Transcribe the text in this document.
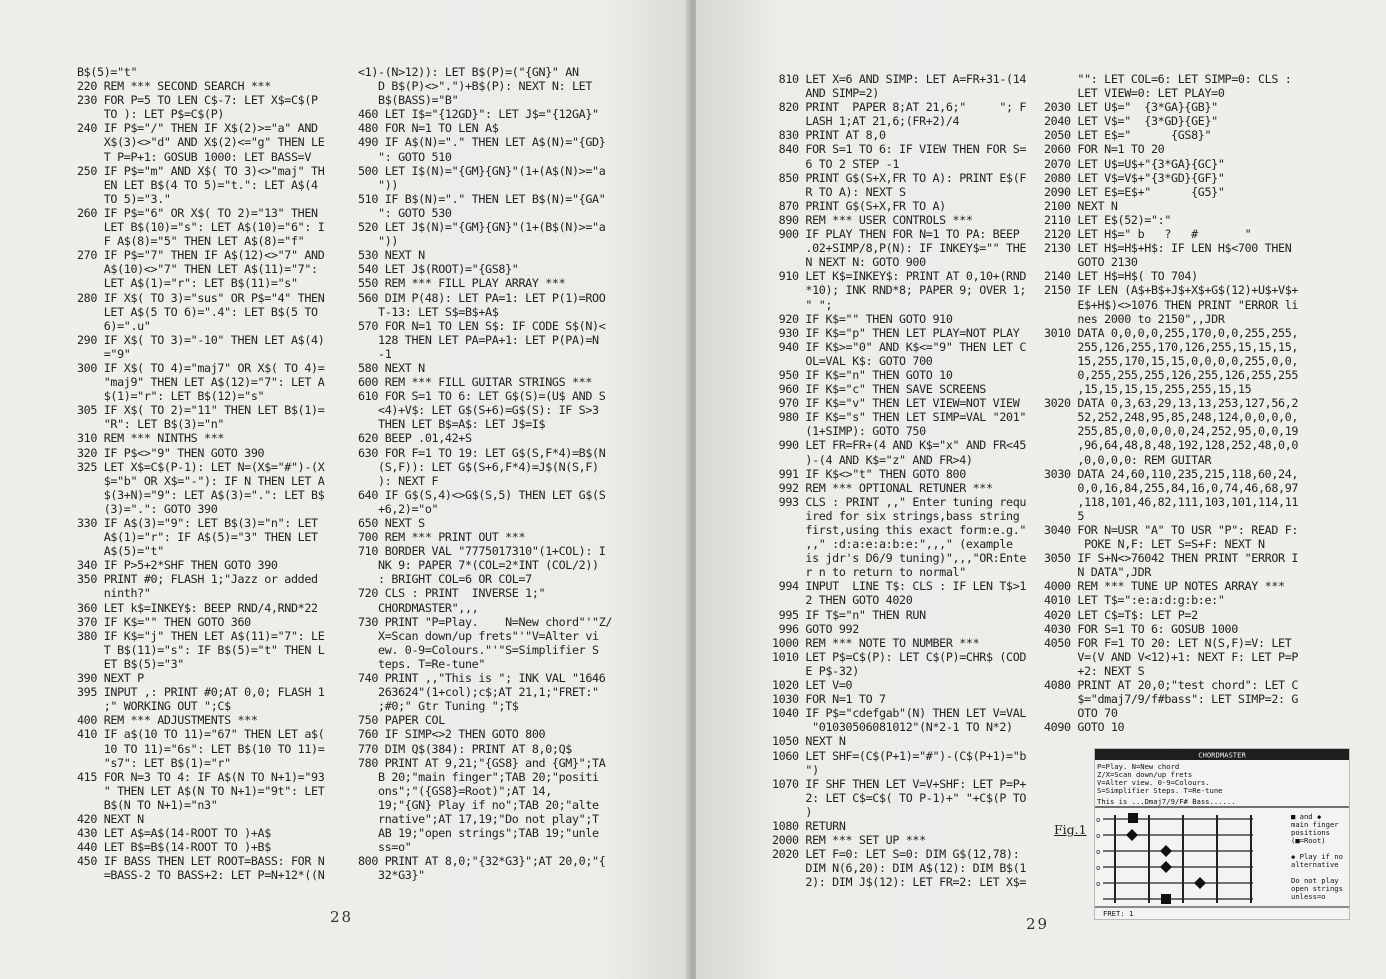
B$(5)="t"
220 REM *** SECOND SEARCH ***
230 FOR P=5 TO LEN C$-7: LET X$=C$(P
TO ): LET P$=C$(P)
240 IF P$="/" THEN IF X$(2)>="a" AND
X$(3)<>"d" AND X$(2)<="g" THEN LE
T P=P+1: GOSUB 1000: LET BASS=V
250 IF P$="m" AND X$( TO 3)<>"maj" TH
EN LET B$(4 TO 5)="t.": LET A$(4
TO 5)="3."
260 IF P$="6" OR X$( TO 2)="13" THEN
LET B$(10)="s": LET A$(10)="6": I
F A$(8)="5" THEN LET A$(8)="f"
270 IF P$="7" THEN IF A$(12)<>"7" AND
A$(10)<>"7" THEN LET A$(11)="7":
LET A$(1)="r": LET B$(11)="s"
280 IF X$( TO 3)="sus" OR P$="4" THEN
LET A$(5 TO 6)=".4": LET B$(5 TO
6)=".u"
290 IF X$( TO 3)="-10" THEN LET A$(4)
="9"
300 IF X$( TO 4)="maj7" OR X$( TO 4)=
"maj9" THEN LET A$(12)="7": LET A
$(1)="r": LET B$(12)="s"
305 IF X$( TO 2)="11" THEN LET B$(1)=
"R": LET B$(3)="n"
310 REM *** NINTHS ***
320 IF P$<>"9" THEN GOTO 390
325 LET X$=C$(P-1): LET N=(X$="#")-(X
$="b" OR X$="-"): IF N THEN LET A
$(3+N)="9": LET A$(3)=".": LET B$
(3)=".": GOTO 390
330 IF A$(3)="9": LET B$(3)="n": LET
A$(1)="r": IF A$(5)="3" THEN LET
A$(5)="t"
340 IF P>5+2*SHF THEN GOTO 390
350 PRINT #0; FLASH 1;"Jazz or added
ninth?"
360 LET k$=INKEY$: BEEP RND/4,RND*22
370 IF K$="" THEN GOTO 360
380 IF K$="j" THEN LET A$(11)="7": LE
T B$(11)="s": IF B$(5)="t" THEN L
ET B$(5)="3"
390 NEXT P
395 INPUT ,: PRINT #0;AT 0,0; FLASH 1
;" WORKING OUT ";C$
400 REM *** ADJUSTMENTS ***
410 IF a$(10 TO 11)="67" THEN LET a$(
10 TO 11)="6s": LET B$(10 TO 11)=
"s7": LET B$(1)="r"
415 FOR N=3 TO 4: IF A$(N TO N+1)="93
" THEN LET A$(N TO N+1)="9t": LET
B$(N TO N+1)="n3"
420 NEXT N
430 LET A$=A$(14-ROOT TO )+A$
440 LET B$=B$(14-ROOT TO )+B$
450 IF BASS THEN LET ROOT=BASS: FOR N
=BASS-2 TO BASS+2: LET P=N+12*((N
<1)-(N>12)): LET B$(P)=("{GN}" AN
D B$(P)<>".")+B$(P): NEXT N: LET
B$(BASS)="B"
460 LET I$="{12GD}": LET J$="{12GA}"
480 FOR N=1 TO LEN A$
490 IF A$(N)="." THEN LET A$(N)="{GD}
": GOTO 510
500 LET I$(N)="{GM}{GN}"(1+(A$(N)>="a
"))
510 IF B$(N)="." THEN LET B$(N)="{GA"
": GOTO 530
520 LET J$(N)="{GM}{GN}"(1+(B$(N)>="a
"))
530 NEXT N
540 LET J$(ROOT)="{GS8}"
550 REM *** FILL PLAY ARRAY ***
560 DIM P(48): LET PA=1: LET P(1)=ROO
T-13: LET S$=B$+A$
570 FOR N=1 TO LEN S$: IF CODE S$(N)<
128 THEN LET PA=PA+1: LET P(PA)=N
-1
580 NEXT N
600 REM *** FILL GUITAR STRINGS ***
610 FOR S=1 TO 6: LET G$(S)=(U$ AND S
<4)+V$: LET G$(S+6)=G$(S): IF S>3
THEN LET B$=A$: LET J$=I$
620 BEEP .01,42+S
630 FOR F=1 TO 19: LET G$(S,F*4)=B$(N
(S,F)): LET G$(S+6,F*4)=J$(N(S,F)
): NEXT F
640 IF G$(S,4)<>G$(S,5) THEN LET G$(S
+6,2)="o"
650 NEXT S
700 REM *** PRINT OUT ***
710 BORDER VAL "7775017310"(1+COL): I
NK 9: PAPER 7*(COL=2*INT (COL/2))
: BRIGHT COL=6 OR COL=7
720 CLS : PRINT  INVERSE 1;"
CHORDMASTER",,,
730 PRINT "P=Play.    N=New chord"'"Z/
X=Scan down/up frets"'"V=Alter vi
ew. 0-9=Colours."'"S=Simplifier S
teps. T=Re-tune"
740 PRINT ,,"This is "; INK VAL "1646
263624"(1+col);c$;AT 21,1;"FRET:"
;#0;" Gtr Tuning ";T$
750 PAPER COL
760 IF SIMP<>2 THEN GOTO 800
770 DIM Q$(384): PRINT AT 8,0;Q$
780 PRINT AT 9,21;"{GS8} and {GM}";TA
B 20;"main finger";TAB 20;"positi
ons";"({GS8}=Root)";AT 14,
19;"{GN} Play if no";TAB 20;"alte
rnative";AT 17,19;"Do not play";T
AB 19;"open strings";TAB 19;"unle
ss=o"
800 PRINT AT 8,0;"{32*G3}";AT 20,0;"{
32*G3}"
28
810 LET X=6 AND SIMP: LET A=FR+31-(14
AND SIMP=2)
820 PRINT  PAPER 8;AT 21,6;"     "; F
LASH 1;AT 21,6;(FR+2)/4
830 PRINT AT 8,0
840 FOR S=1 TO 6: IF VIEW THEN FOR S=
6 TO 2 STEP -1
850 PRINT G$(S+X,FR TO A): PRINT E$(F
R TO A): NEXT S
870 PRINT G$(S+X,FR TO A)
890 REM *** USER CONTROLS ***
900 IF PLAY THEN FOR N=1 TO PA: BEEP
.02+SIMP/8,P(N): IF INKEY$="" THE
N NEXT N: GOTO 900
910 LET K$=INKEY$: PRINT AT 0,10+(RND
*10); INK RND*8; PAPER 9; OVER 1;
" ";
920 IF K$="" THEN GOTO 910
930 IF K$="p" THEN LET PLAY=NOT PLAY
940 IF K$>="0" AND K$<="9" THEN LET C
OL=VAL K$: GOTO 700
950 IF K$="n" THEN GOTO 10
960 IF K$="c" THEN SAVE SCREENS
970 IF K$="v" THEN LET VIEW=NOT VIEW
980 IF K$="s" THEN LET SIMP=VAL "201"
(1+SIMP): GOTO 750
990 LET FR=FR+(4 AND K$="x" AND FR<45
)-(4 AND K$="z" AND FR>4)
991 IF K$<>"t" THEN GOTO 800
992 REM *** OPTIONAL RETUNER ***
993 CLS : PRINT ,," Enter tuning requ
ired for six strings,bass string
first,using this exact form:e.g."
,," :d:a:e:a:b:e:",,," (example
is jdr's D6/9 tuning)",,,"OR:Ente
r n to return to normal"
994 INPUT  LINE T$: CLS : IF LEN T$>1
2 THEN GOTO 4020
995 IF T$="n" THEN RUN
996 GOTO 992
1000 REM *** NOTE TO NUMBER ***
1010 LET P$=C$(P): LET C$(P)=CHR$ (COD
E P$-32)
1020 LET V=0
1030 FOR N=1 TO 7
1040 IF P$="cdefgab"(N) THEN LET V=VAL
"01030506081012"(N*2-1 TO N*2)
1050 NEXT N
1060 LET SHF=(C$(P+1)="#")-(C$(P+1)="b
")
1070 IF SHF THEN LET V=V+SHF: LET P=P+
2: LET C$=C$( TO P-1)+" "+C$(P TO
)
1080 RETURN
2000 REM *** SET UP ***
2020 LET F=0: LET S=0: DIM G$(12,78):
DIM N(6,20): DIM A$(12): DIM B$(1
2): DIM J$(12): LET FR=2: LET X$=
"": LET COL=6: LET SIMP=0: CLS :
LET VIEW=0: LET PLAY=0
2030 LET U$="  {3*GA}{GB}"
2040 LET V$="  {3*GD}{GE}"
2050 LET E$="      {GS8}"
2060 FOR N=1 TO 20
2070 LET U$=U$+"{3*GA}{GC}"
2080 LET V$=V$+"{3*GD}{GF}"
2090 LET E$=E$+"      {G5}"
2100 NEXT N
2110 LET E$(52)=":"
2120 LET H$=" b   ?   #       "
2130 LET H$=H$+H$: IF LEN H$<700 THEN
GOTO 2130
2140 LET H$=H$( TO 704)
2150 IF LEN (A$+B$+J$+X$+G$(12)+U$+V$+
E$+H$)<>1076 THEN PRINT "ERROR li
nes 2000 to 2150",,JDR
3010 DATA 0,0,0,0,255,170,0,0,255,255,
255,126,255,170,126,255,15,15,15,
15,255,170,15,15,0,0,0,0,255,0,0,
0,255,255,255,126,255,126,255,255
,15,15,15,15,255,255,15,15
3020 DATA 0,3,63,29,13,13,253,127,56,2
52,252,248,95,85,248,124,0,0,0,0,
255,85,0,0,0,0,0,24,252,95,0,0,19
,96,64,48,8,48,192,128,252,48,0,0
,0,0,0,0: REM GUITAR
3030 DATA 24,60,110,235,215,118,60,24,
0,0,16,84,255,84,16,0,74,46,68,97
,118,101,46,82,111,103,101,114,11
5
3040 FOR N=USR "A" TO USR "P": READ F:
POKE N,F: LET S=S+F: NEXT N
3050 IF S+N<>76042 THEN PRINT "ERROR I
N DATA",JDR
4000 REM *** TUNE UP NOTES ARRAY ***
4010 LET T$=":e:a:d:g:b:e:"
4020 LET C$=T$: LET P=2
4030 FOR S=1 TO 6: GOSUB 1000
4050 FOR F=1 TO 20: LET N(S,F)=V: LET
V=(V AND V<12)+1: NEXT F: LET P=P
+2: NEXT S
4080 PRINT AT 20,0;"test chord": LET C
$="dmaj7/9/f#bass": LET SIMP=2: G
OTO 70
4090 GOTO 10
Fig.1
CHORDMASTER
P=Play. N=New chord
Z/X=Scan down/up frets
V=Alter view. 0-9=Colours.
S=Simplifier Steps. T=Re-tune
This is ...Dmaj7/9/F# Bass......
o
o
o
o
o
■ and ◆
main finger
positions
(■=Root)
◆ Play if no
alternative
Do not play
open strings
unless=o
FRET: 1
29
